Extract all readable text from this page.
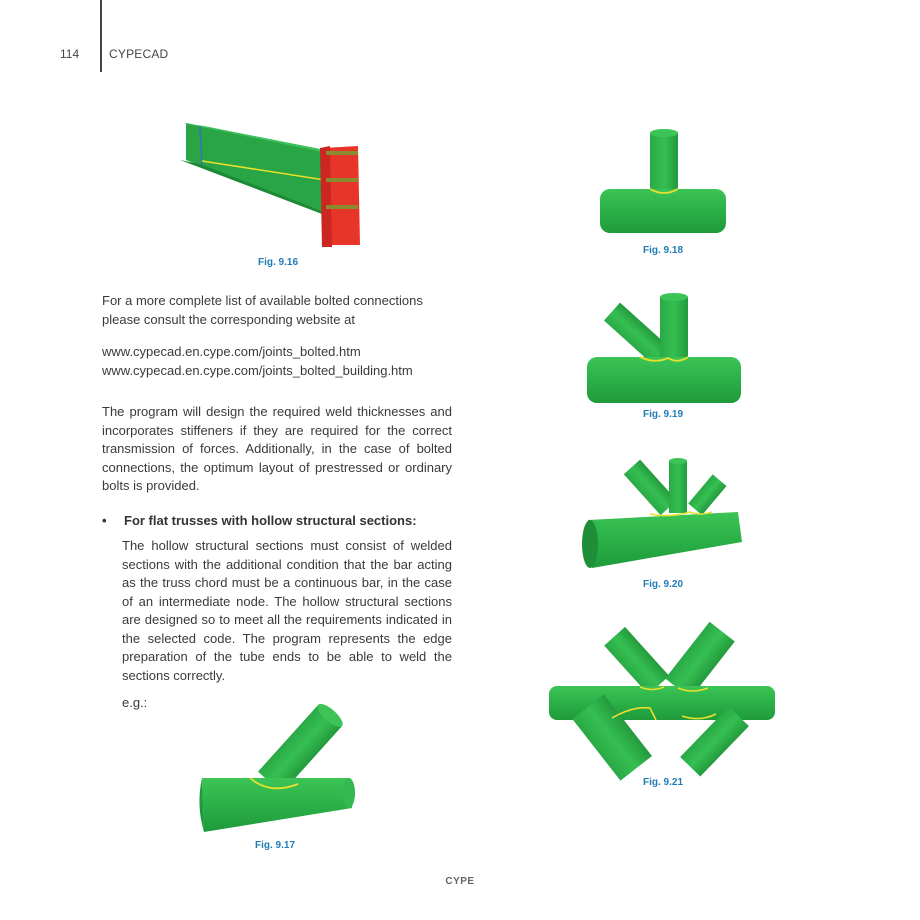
114 CYPECAD
Fig. 9.16
For a more complete list of available bolted connections
please consult the corresponding website at
www.cypecad.en.cype.com/joints_bolted.htm
www.cypecad.en.cype.com/joints_bolted_building.htm
The program will design the required weld thicknesses and incorporates stiffeners if they are required for the correct transmission of forces. Additionally, in the case of bolted connections, the optimum layout of prestressed or ordinary bolts is provided.
• For flat trusses with hollow structural sections:
The hollow structural sections must consist of welded sections with the additional condition that the bar acting as the truss chord must be a continuous bar, in the case of an intermediate node. The hollow structural sections are designed so to meet all the requirements indicated in the selected code. The program represents the edge preparation of the tube ends to be able to weld the sections correctly.
e.g.:
Fig. 9.17
Fig. 9.18
Fig. 9.19
Fig. 9.20
Fig. 9.21
CYPE
